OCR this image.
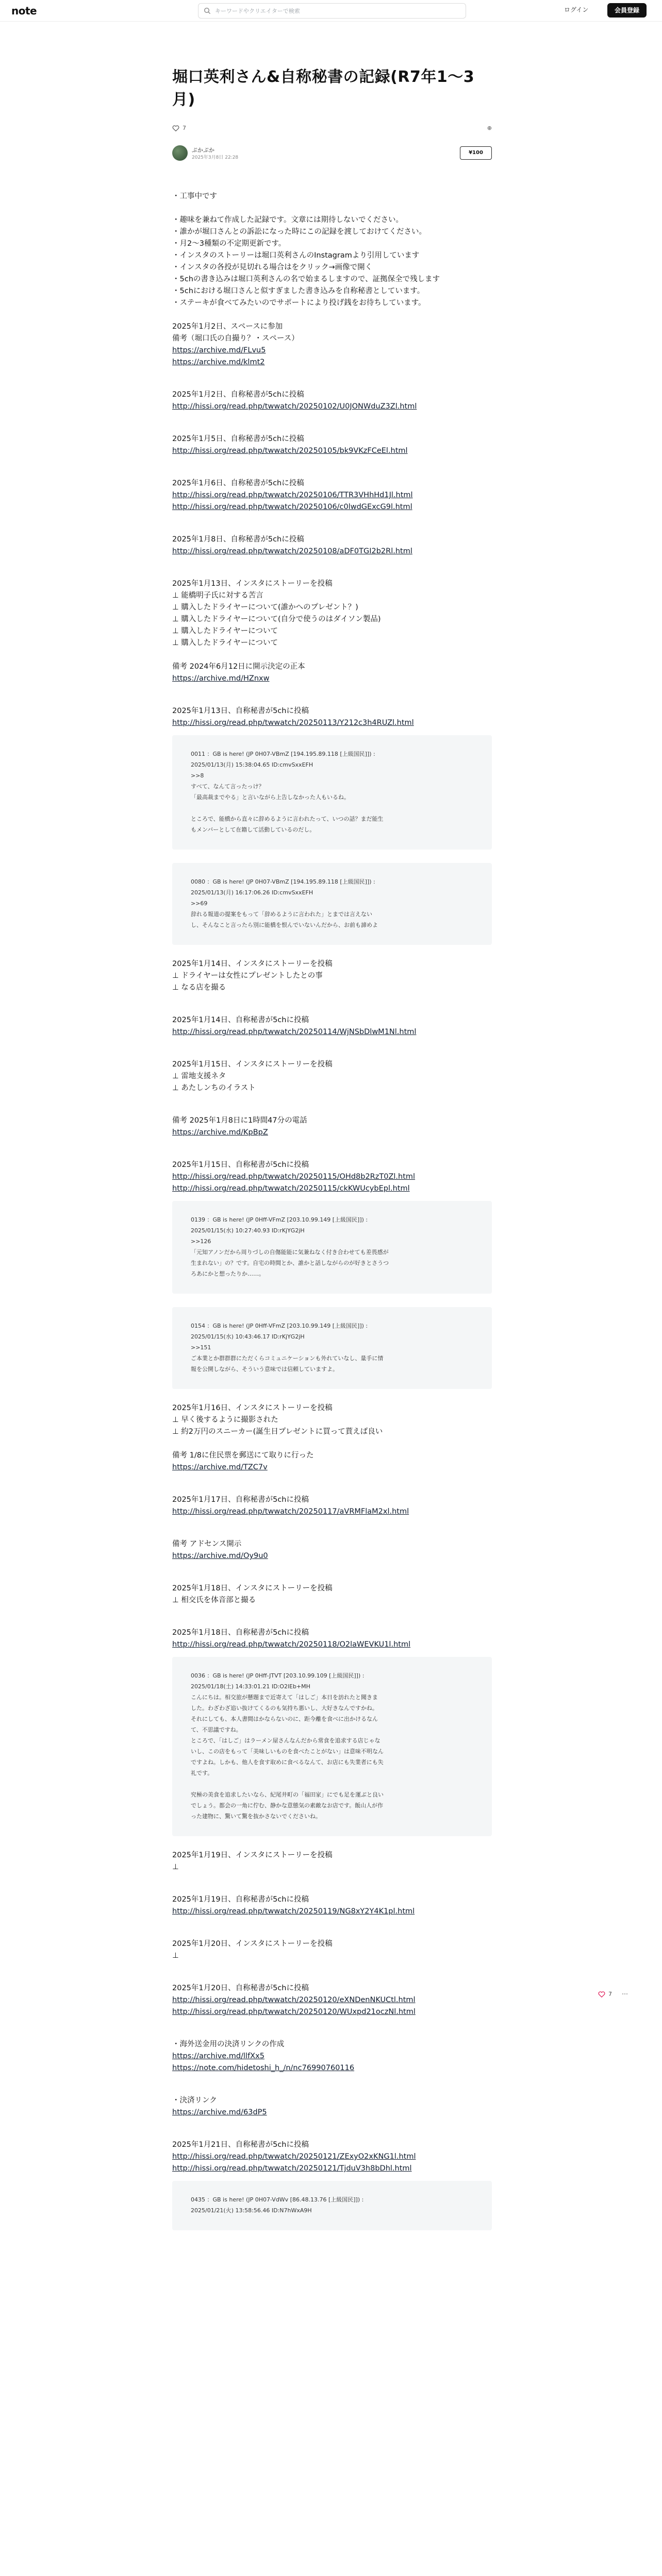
note
キーワードやクリエイターで検索	ログイン	会員登録
堀口英利さん&自称秘書の記録(R7年1〜3月)
7	⊕
ぷかぷか
2025年3月8日 22:28
¥100
・工事中です
・趣味を兼ねて作成した記録です。文章には期待しないでください。
・誰かが堀口さんとの訴訟になった時にこの記録を渡しておけてください。
・月2〜3種類の不定期更新です。
・インスタのストーリーは堀口英利さんのInstagramより引用しています
・インスタの各投が見切れる場合はをクリック→画像で開く
・5chの書き込みは堀口英利さんの名で始まるしますので、証拠保全で残します
・5chにおける堀口さんと似すぎました書き込みを自称秘書としています。
・ステーキが食べてみたいのでサポートにより投げ銭をお待ちしています。
2025年1月2日、スペースに参加
備考（堀口氏の自撮り？・スペース）
https://archive.md/FLvu5
https://archive.md/klmt2
2025年1月2日、自称秘書が5chに投稿
http://hissi.org/read.php/twwatch/20250102/U0JONWduZ3Zl.html
2025年1月5日、自称秘書が5chに投稿
http://hissi.org/read.php/twwatch/20250105/bk9VKzFCeEl.html
2025年1月6日、自称秘書が5chに投稿
http://hissi.org/read.php/twwatch/20250106/TTR3VHhHd1Jl.html
http://hissi.org/read.php/twwatch/20250106/c0lwdGExcG9l.html
2025年1月8日、自称秘書が5chに投稿
http://hissi.org/read.php/twwatch/20250108/aDF0TGI2b2Rl.html
2025年1月13日、インスタにストーリーを投稿
⊥ 能橋明子氏に対する苦言
⊥ 購入したドライヤーについて(誰かへのプレゼント？)
⊥ 購入したドライヤーについて(自分で使うのはダイソン製品)
⊥ 購入したドライヤーについて
⊥ 購入したドライヤーについて
備考 2024年6月12日に開示決定の正本
https://archive.md/HZnxw
2025年1月13日、自称秘書が5chに投稿
http://hissi.org/read.php/twwatch/20250113/Y212c3h4RUZl.html
0011 ：GB is here! (JP 0H07-VBmZ [194.195.89.118 [上級国民]]) :
2025/01/13(月) 15:38:04.65 ID:cmvSxxEFH
>>8
すべて、なんて言ったっけ？
「最高裁までやる」と言いながら上告しなかった人もいるね。
ところで、能橋から直々に辞めるように言われたって、いつの話？まだ能生
もメンバーとして在籍して活動しているのだし。
0080 ：GB is here! (JP 0H07-VBmZ [194.195.89.118 [上級国民]]) :
2025/01/13(月) 16:17:06.26 ID:cmvSxxEFH
>>69
辞れる報道の提案をもって「辞めるように言われた」とまでは言えない
し、そんなこと言ったら別に能橋を恨んでいないんだから、お前も諦めよ
2025年1月14日、インスタにストーリーを投稿
⊥ ドライヤーは女性にプレゼントしたとの事
⊥ なる店を撮る
2025年1月14日、自称秘書が5chに投稿
http://hissi.org/read.php/twwatch/20250114/WjNSbDlwM1Nl.html
2025年1月15日、インスタにストーリーを投稿
⊥ 雷地支援ネタ
⊥ あたしンちのイラスト
備考 2025年1月8日に1時間47分の電話
https://archive.md/KpBpZ
2025年1月15日、自称秘書が5chに投稿
http://hissi.org/read.php/twwatch/20250115/OHd8b2RzT0Zl.html
http://hissi.org/read.php/twwatch/20250115/ckKWUcybEpl.html
0139 ：GB is here! (JP 0Hff-VFmZ [203.10.99.149 [上級国民]]) :
2025/01/15(水) 10:27:40.93 ID:rKjYG2jH
>>126
「元知アノンだから周りづしの自傷能能に気兼ねなく付き合わせても差畏感が
生まれない」の？です。自宅の時間とか、誰かと話しながらのが好きとさうつ
ろあにかと想ったりか……。
0154 ：GB is here! (JP 0Hff-VFmZ [203.10.99.149 [上級国民]]) :
2025/01/15(水) 10:43:46.17 ID:rKjYG2jH
>>151
ご本業とか群群群にただくらコミュニケーションも外れていなし、量手に情
報を公開しながら、そういう意味では信頼していますよ。
2025年1月16日、インスタにストーリーを投稿
⊥ 早く後するように撮影された
⊥ 約2万円のスニーカー(誕生日プレゼントに買って貰えば良い
備考 1/8に住民票を郵送にて取りに行った
https://archive.md/TZC7v
2025年1月17日、自称秘書が5chに投稿
http://hissi.org/read.php/twwatch/20250117/aVRMFlaM2xl.html
備考 アドセンス開示
https://archive.md/Oy9u0
2025年1月18日、インスタにストーリーを投稿
⊥ 相交氏を体音部と撮る
2025年1月18日、自称秘書が5chに投稿
http://hissi.org/read.php/twwatch/20250118/O2laWEVKU1l.html
0036 ：GB is here! (JP 0Hff-JTVT [203.10.99.109 [上級国民]]) :
2025/01/18(土) 14:33:01.21 ID:O2lEb+MH
こんにちは。相交旅が懸題まで近寄えて「はしご」本日を訪れたと聞きま
した。わざわざ追い抜けてくるのも気持ち悪いし、大好きなんですかね。
それにしても、本人書間はかならないのに、距今離を食べに出かけるなん
て、不思議ですね。
ところで、「はしご」はラーメン屋さんなんだから常食を追求する店じゃな
いし、この店をもって「美味しいものを食べたことがない」は意味不明なん
ですよね。しかも、他人を食す取めに食べるなんて、お店にも失業者にも失
礼です。
究極の美食を追求したいなら、紀尾井町の「福田家」にでも足を運ぶと良い
でしょう。都会の一角に佇む、静かな意態気の素敵なお店です。飯山人が作
った建物に、驚いて驚を抜かさないでくださいね。
2025年1月19日、インスタにストーリーを投稿
⊥
2025年1月19日、自称秘書が5chに投稿
http://hissi.org/read.php/twwatch/20250119/NG8xY2Y4K1pl.html
2025年1月20日、インスタにストーリーを投稿
⊥
2025年1月20日、自称秘書が5chに投稿
http://hissi.org/read.php/twwatch/20250120/eXNDenNKUCtl.html
http://hissi.org/read.php/twwatch/20250120/WUxpd21oczNl.html
・海外送金用の決済リンクの作成
https://archive.md/llfXx5
https://note.com/hidetoshi_h_/n/nc76990760116
・決済リンク
https://archive.md/63dP5
2025年1月21日、自称秘書が5chに投稿
http://hissi.org/read.php/twwatch/20250121/ZExyO2xKNG1l.html
http://hissi.org/read.php/twwatch/20250121/TjduV3h8bDhl.html
0435 ：GB is here! (JP 0H07-VdWv [86.48.13.76 [上級国民]]) :
2025/01/21(火) 13:58:56.46 ID:N7hWxA9H
7 ⋯
